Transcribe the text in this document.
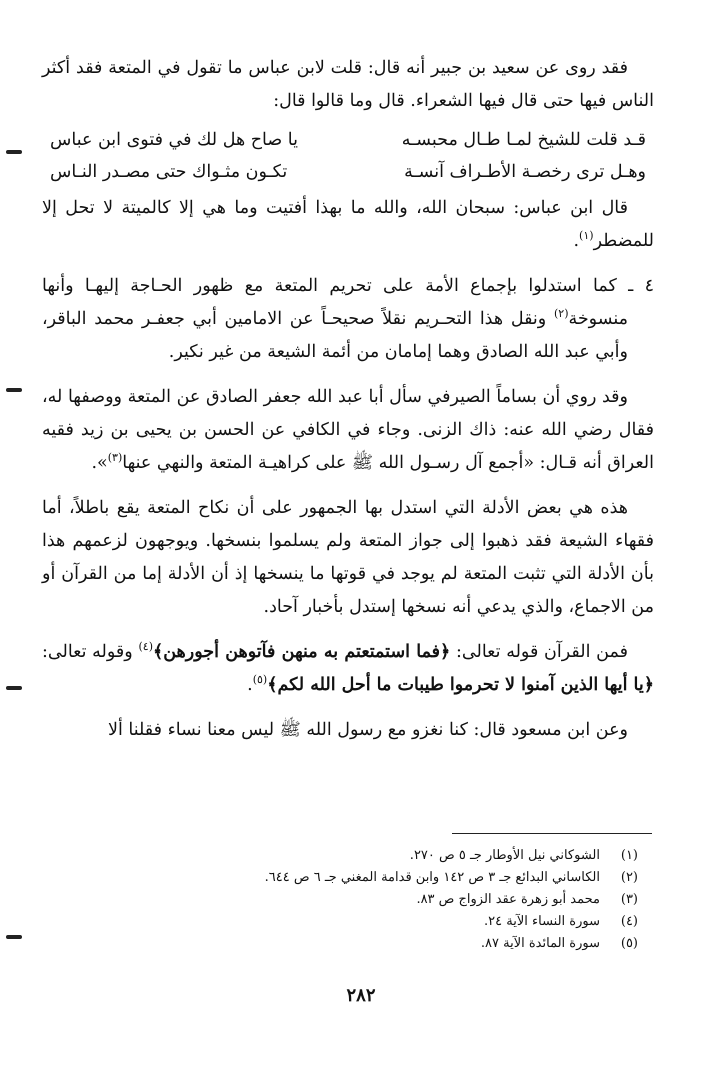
فقد روى عن سعيد بن جبير أنه قال: قلت لابن عباس ما تقول في المتعة فقد أكثر الناس فيها حتى قال فيها الشعراء. قال وما قالوا قال:

قـد قلت للشيخ لمـا طـال محبسـه
يا صاح هل لك في فتوى ابن عباس
وهـل ترى رخصـة الأطـراف آنسـة
تكـون مثـواك حتى مصـدر النـاس

قال ابن عباس: سبحان الله، والله ما بهذا أفتيت وما هي إلا كالميتة لا تحل إلا للمضطر$^{(١)}$.

٤ ـ كما استدلوا بإجماع الأمة على تحريم المتعة مع ظهور الحـاجة إليهـا وأنها منسوخة$^{(٢)}$ ونقل هذا التحـريم نقلاً صحيحـاً عن الامامين أبي جعفـر محمد الباقر، وأبي عبد الله الصادق وهما إمامان من أئمة الشيعة من غير نكير.

وقد روي أن بساماً الصيرفي سأل أبا عبد الله جعفر الصادق عن المتعة ووصفها له، فقال رضي الله عنه: ذاك الزنى. وجاء في الكافي عن الحسن بن يحيى بن زيد فقيه العراق أنه قـال: «أجمع آل رسـول الله ﷺ على كراهيـة المتعة والنهي عنها$^{(٣)}$».

هذه هي بعض الأدلة التي استدل بها الجمهور على أن نكاح المتعة يقع باطلاً، أما فقهاء الشيعة فقد ذهبوا إلى جواز المتعة ولم يسلموا بنسخها. ويوجهون لزعمهم هذا بأن الأدلة التي تثبت المتعة لم يوجد في قوتها ما ينسخها إذ أن الأدلة إما من القرآن أو من الاجماع، والذي يدعي أنه نسخها إستدل بأخبار آحاد.

فمن القرآن قوله تعالى: ﴿فما استمتعتم به منهن فآتوهن أجورهن﴾$^{(٤)}$ وقوله تعالى: ﴿يا أيها الذين آمنوا لا تحرموا طيبات ما أحل الله لكم﴾$^{(٥)}$.

وعن ابن مسعود قال: كنا نغزو مع رسول الله ﷺ ليس معنا نساء فقلنا ألا

(١)
الشوكاني نيل الأوطار جـ ٥ ص ٢٧٠.
(٢)
الكاساني البدائع جـ ٣ ص ١٤٢ وابن قدامة المغني جـ ٦ ص ٦٤٤.
(٣)
محمد أبو زهرة عقد الزواج ص ٨٣.
(٤)
سورة النساء الآية ٢٤.
(٥)
سورة المائدة الآية ٨٧.
٢٨٢
